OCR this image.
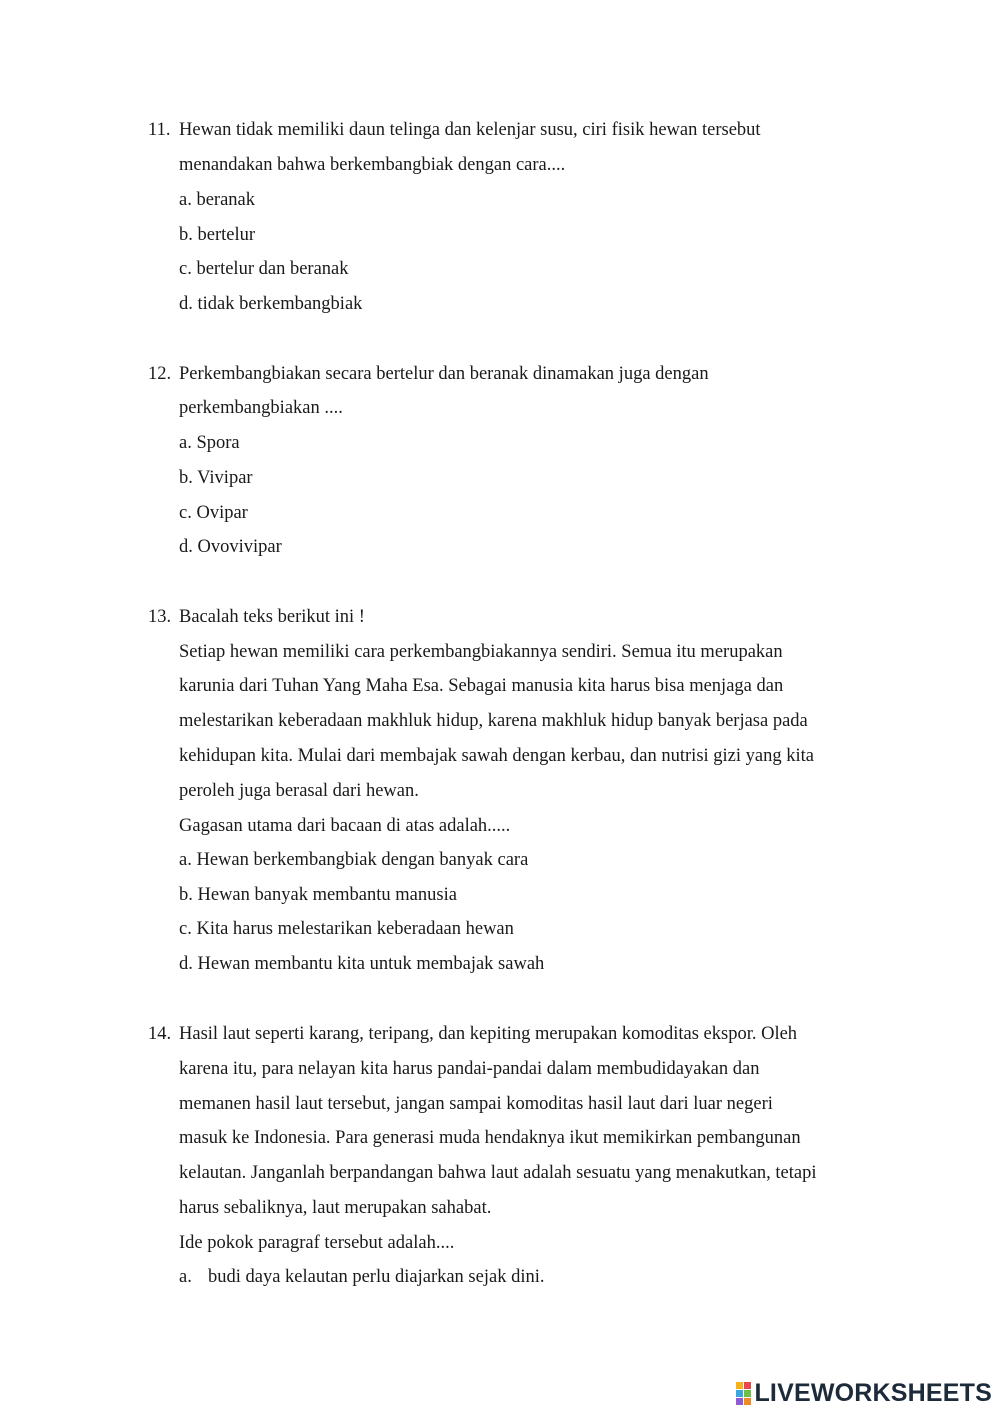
11. Hewan tidak memiliki daun telinga dan kelenjar susu, ciri fisik hewan tersebut
menandakan bahwa berkembangbiak dengan cara....
a. beranak
b. bertelur
c. bertelur dan beranak
d. tidak berkembangbiak
12. Perkembangbiakan secara bertelur dan beranak dinamakan juga dengan
perkembangbiakan ....
a. Spora
b. Vivipar
c. Ovipar
d. Ovovivipar
13. Bacalah teks berikut ini !
Setiap hewan memiliki cara perkembangbiakannya sendiri. Semua itu merupakan
karunia dari Tuhan Yang Maha Esa. Sebagai manusia kita harus bisa menjaga dan
melestarikan keberadaan makhluk hidup, karena makhluk hidup banyak berjasa pada
kehidupan kita. Mulai dari membajak sawah dengan kerbau, dan nutrisi gizi yang kita
peroleh juga berasal dari hewan.
Gagasan utama dari bacaan di atas adalah.....
a. Hewan berkembangbiak dengan banyak cara
b. Hewan banyak membantu manusia
c. Kita harus melestarikan keberadaan hewan
d. Hewan membantu kita untuk membajak sawah
14. Hasil laut seperti karang, teripang, dan kepiting merupakan komoditas ekspor. Oleh
karena itu, para nelayan kita harus pandai-pandai dalam membudidayakan dan
memanen hasil laut tersebut, jangan sampai komoditas hasil laut dari luar negeri
masuk ke Indonesia. Para generasi muda hendaknya ikut memikirkan pembangunan
kelautan. Janganlah berpandangan bahwa laut adalah sesuatu yang menakutkan, tetapi
harus sebaliknya, laut merupakan sahabat.
Ide pokok paragraf tersebut adalah....
a. budi daya kelautan perlu diajarkan sejak dini.
LIVEWORKSHEETS
